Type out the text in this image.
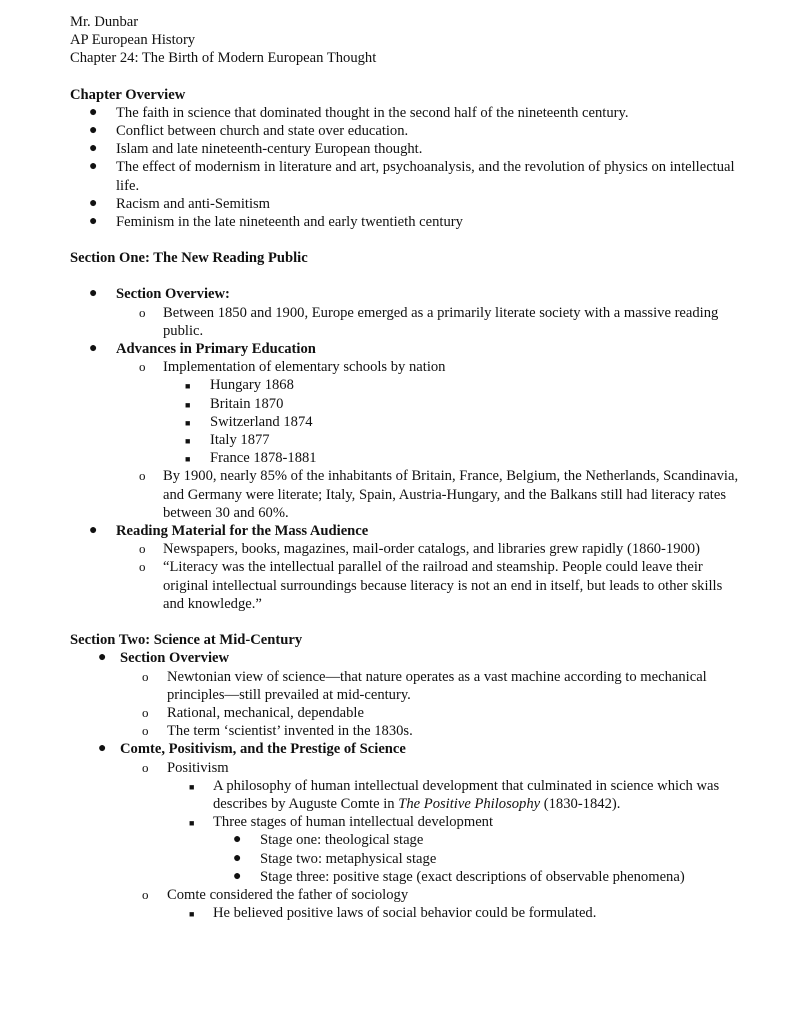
Mr. Dunbar

AP European History

Chapter 24: The Birth of Modern European Thought

Chapter Overview

● The faith in science that dominated thought in the second half of the nineteenth century.
● Conflict between church and state over education.
● Islam and late nineteenth-century European thought.
● The effect of modernism in literature and art, psychoanalysis, and the revolution of physics on intellectual life.
● Racism and anti-Semitism
● Feminism in the late nineteenth and early twentieth century

Section One: The New Reading Public

● Section Overview:
o Between 1850 and 1900, Europe emerged as a primarily literate society with a massive reading public.
● Advances in Primary Education
o Implementation of elementary schools by nation
■ Hungary 1868
■ Britain 1870
■ Switzerland 1874
■ Italy 1877
■ France 1878-1881
o By 1900, nearly 85% of the inhabitants of Britain, France, Belgium, the Netherlands, Scandinavia, and Germany were literate; Italy, Spain, Austria-Hungary, and the Balkans still had literacy rates between 30 and 60%.
● Reading Material for the Mass Audience
o Newspapers, books, magazines, mail-order catalogs, and libraries grew rapidly (1860-1900)
o “Literacy was the intellectual parallel of the railroad and steamship. People could leave their original intellectual surroundings because literacy is not an end in itself, but leads to other skills and knowledge.”

Section Two: Science at Mid-Century

● Section Overview
o Newtonian view of science—that nature operates as a vast machine according to mechanical principles—still prevailed at mid-century.
o Rational, mechanical, dependable
o The term ‘scientist’ invented in the 1830s.
● Comte, Positivism, and the Prestige of Science
o Positivism
■ A philosophy of human intellectual development that culminated in science which was describes by Auguste Comte in The Positive Philosophy (1830-1842).
■ Three stages of human intellectual development
● Stage one: theological stage
● Stage two: metaphysical stage
● Stage three: positive stage (exact descriptions of observable phenomena)
o Comte considered the father of sociology
■ He believed positive laws of social behavior could be formulated.
